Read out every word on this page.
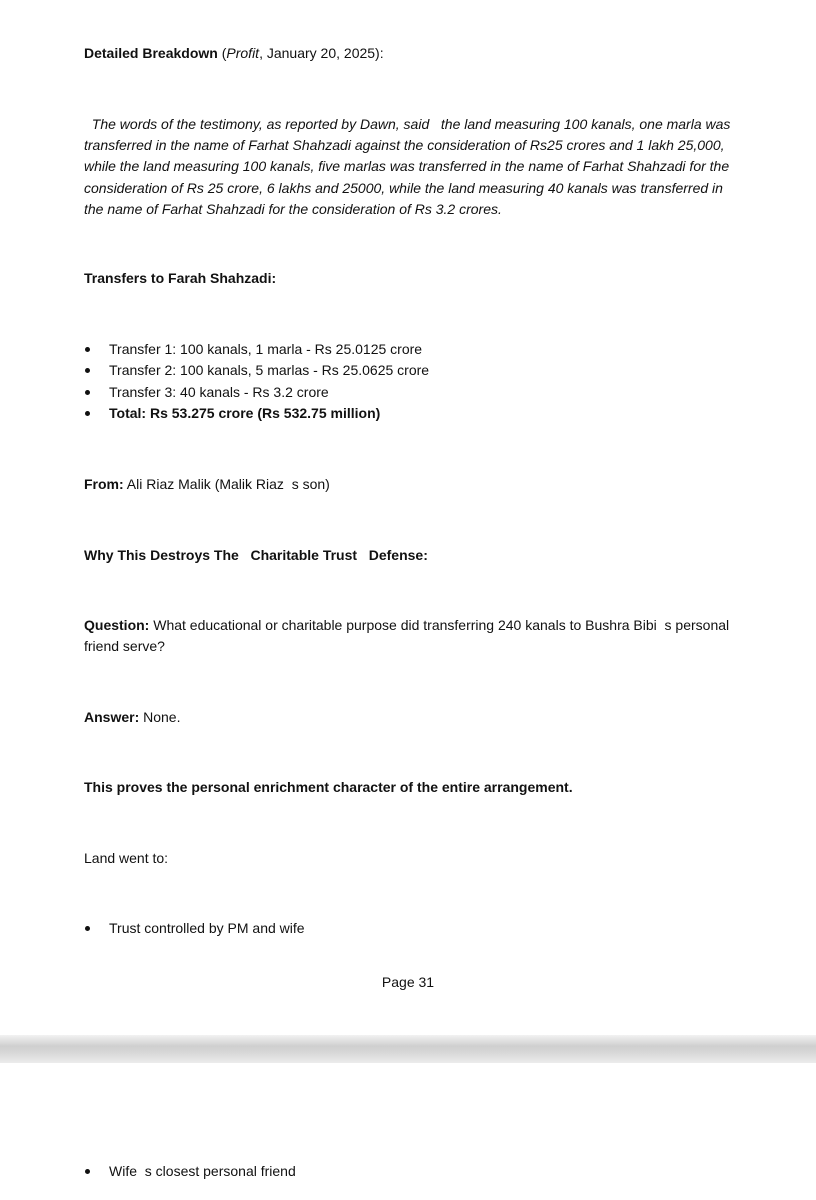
Detailed Breakdown (Profit, January 20, 2025):

The words of the testimony, as reported by Dawn, said   the land measuring 100 kanals, one marla was

transferred in the name of Farhat Shahzadi against the consideration of Rs25 crores and 1 lakh 25,000,

while the land measuring 100 kanals, five marlas was transferred in the name of Farhat Shahzadi for the

consideration of Rs 25 crore, 6 lakhs and 25000, while the land measuring 40 kanals was transferred in

the name of Farhat Shahzadi for the consideration of Rs 3.2 crores.

Transfers to Farah Shahzadi:
Transfer 1: 100 kanals, 1 marla - Rs 25.0125 crore
Transfer 2: 100 kanals, 5 marlas - Rs 25.0625 crore
Transfer 3: 40 kanals - Rs 3.2 crore
Total: Rs 53.275 crore (Rs 532.75 million)
From: Ali Riaz Malik (Malik Riaz  s son)
Why This Destroys The   Charitable Trust   Defense:
Question: What educational or charitable purpose did transferring 240 kanals to Bushra Bibi  s personal
friend serve?
Answer: None.
This proves the personal enrichment character of the entire arrangement.
Land went to:
Trust controlled by PM and wife
Page 31
Wife  s closest personal friend
